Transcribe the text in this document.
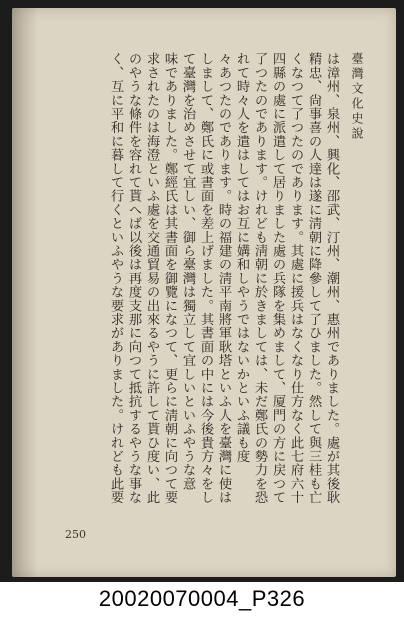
臺灣文化史說
は漳州、泉州、興化、邵武、汀州、潮州、惠州でありました。處が其後耿
精忠、尙事喜の人達は遂に淸朝に降參して了ひました。然して與三桂も亡
くなつて了つたのであります。其處に援兵はなくなり仕方なく此七府六十
四縣の處に派遣して居りました處の兵隊を集めまして、厦門の方に戻つて
了つたのであります。けれども淸朝に於きましては、未だ鄭氏の勢力を恐
れて時々人を遣はしてはお互に媾和しやうではないかといふ議も度
々あつたのであります。時の福建の淸平南將軍耿塔といふ人を臺灣に使は
しまして、鄭氏に或書面を差上げました。其書面の中には今後貴方々をし
て臺灣を治めさせて宜しい、御ら臺灣は獨立して宜しいといふやうな意
味でありました。鄭經氏は其書面を御覽になつて、更らに淸朝に向つて要
求されたのは海澄といふ處を交通貿易の出來るやうに許して貰ひ度い、此
のやうな條件を容れて貰へば以後は再度支那に向つて抵抗するやうな事な
く、互に平和に暮して行くといふやうな要求がありました。けれども此要
250
20020070004_P326
